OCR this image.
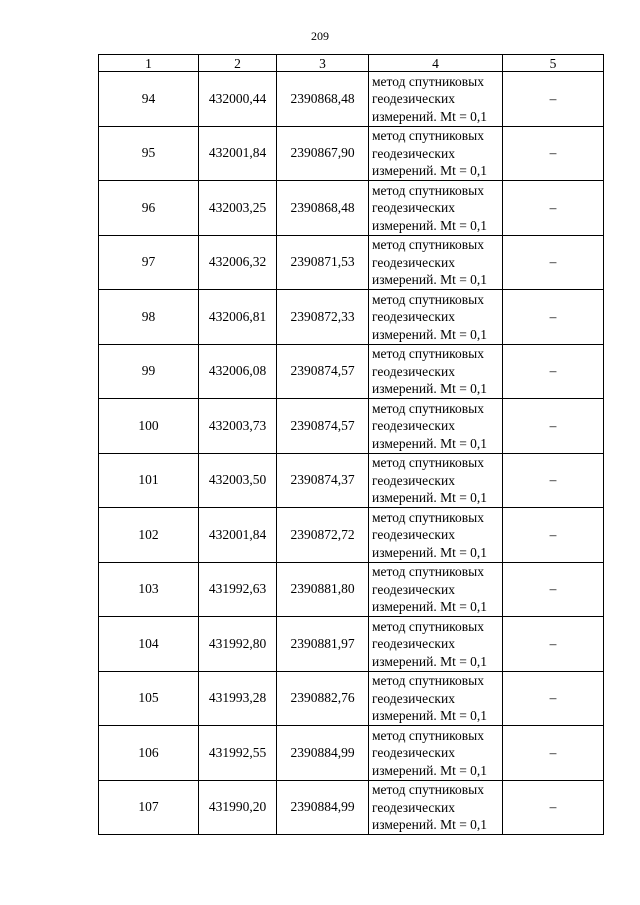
209
1	2	3	4	5
94	432000,44	2390868,48	метод спутниковых
геодезических
измерений. Mt = 0,1	–
95	432001,84	2390867,90	метод спутниковых
геодезических
измерений. Mt = 0,1	–
96	432003,25	2390868,48	метод спутниковых
геодезических
измерений. Mt = 0,1	–
97	432006,32	2390871,53	метод спутниковых
геодезических
измерений. Mt = 0,1	–
98	432006,81	2390872,33	метод спутниковых
геодезических
измерений. Mt = 0,1	–
99	432006,08	2390874,57	метод спутниковых
геодезических
измерений. Mt = 0,1	–
100	432003,73	2390874,57	метод спутниковых
геодезических
измерений. Mt = 0,1	–
101	432003,50	2390874,37	метод спутниковых
геодезических
измерений. Mt = 0,1	–
102	432001,84	2390872,72	метод спутниковых
геодезических
измерений. Mt = 0,1	–
103	431992,63	2390881,80	метод спутниковых
геодезических
измерений. Mt = 0,1	–
104	431992,80	2390881,97	метод спутниковых
геодезических
измерений. Mt = 0,1	–
105	431993,28	2390882,76	метод спутниковых
геодезических
измерений. Mt = 0,1	–
106	431992,55	2390884,99	метод спутниковых
геодезических
измерений. Mt = 0,1	–
107	431990,20	2390884,99	метод спутниковых
геодезических
измерений. Mt = 0,1	–
